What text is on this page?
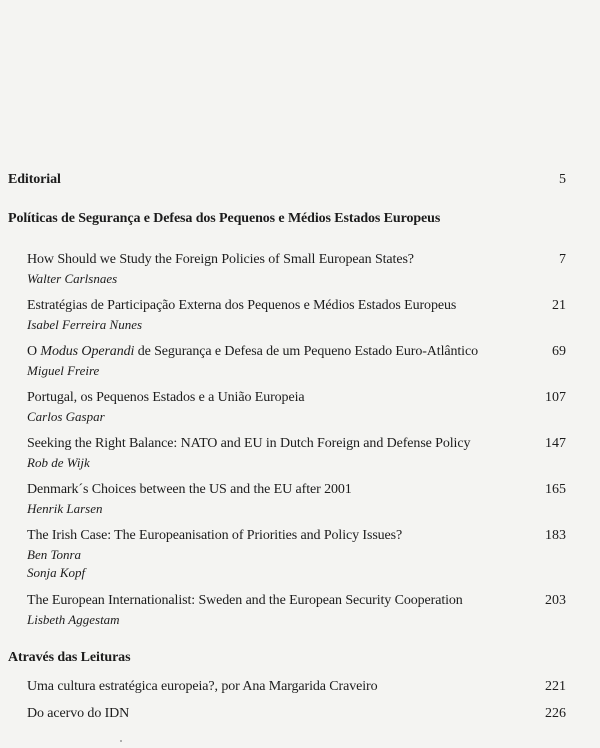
Editorial	5
Políticas de Segurança e Defesa dos Pequenos e Médios Estados Europeus
How Should we Study the Foreign Policies of Small European States?	7
Walter Carlsnaes
Estratégias de Participação Externa dos Pequenos e Médios Estados Europeus	21
Isabel Ferreira Nunes
O Modus Operandi de Segurança e Defesa de um Pequeno Estado Euro-Atlântico	69
Miguel Freire
Portugal, os Pequenos Estados e a União Europeia	107
Carlos Gaspar
Seeking the Right Balance: NATO and EU in Dutch Foreign and Defense Policy	147
Rob de Wijk
Denmark´s Choices between the US and the EU after 2001	165
Henrik Larsen
The Irish Case: The Europeanisation of Priorities and Policy Issues?	183
Ben Tonra
Sonja Kopf
The European Internationalist: Sweden and the European Security Cooperation	203
Lisbeth Aggestam
Através das Leituras
Uma cultura estratégica europeia?, por Ana Margarida Craveiro	221
Do acervo do IDN	226
